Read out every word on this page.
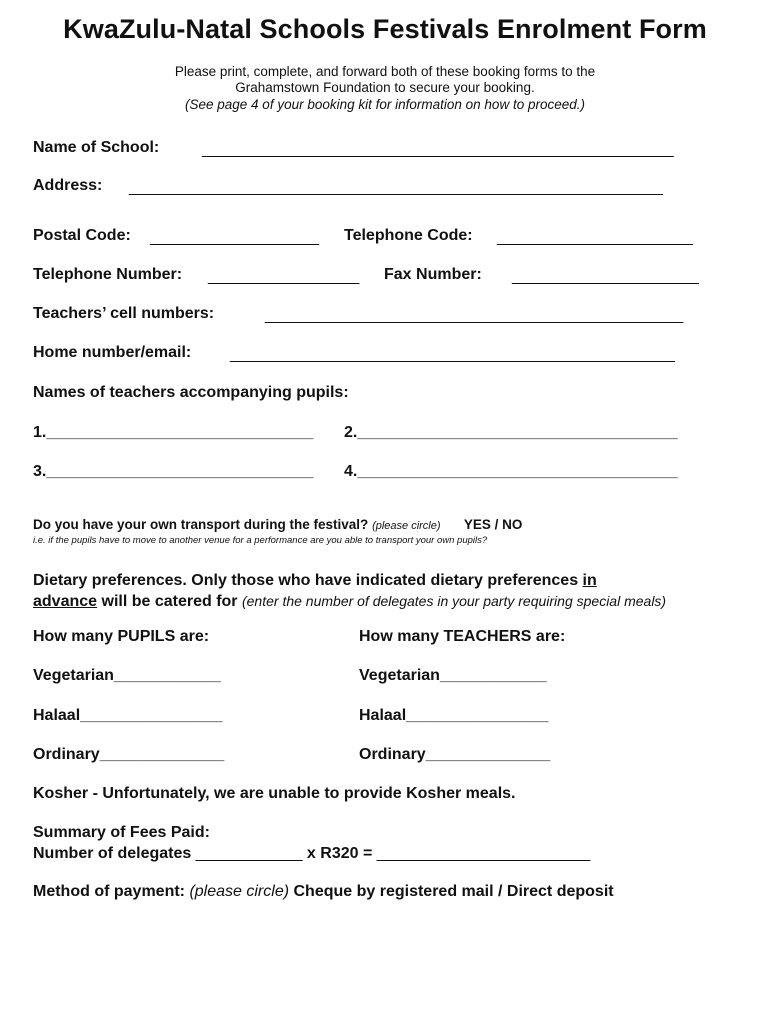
KwaZulu-Natal Schools Festivals Enrolment Form
Please print, complete, and forward both of these booking forms to the
Grahamstown Foundation to secure your booking.
(See page 4 of your booking kit for information on how to proceed.)
Name of School:	_____________________________________________________
Address: ____________________________________________________________
Postal Code: ___________________ Telephone Code: ______________________
Telephone Number: _________________ Fax Number: _____________________
Teachers’ cell numbers:	_______________________________________________
Home number/email: __________________________________________________
Names of teachers accompanying pupils:
1.______________________________ 2.____________________________________
3.______________________________ 4.____________________________________
Do you have your own transport during the festival? (please circle) YES / NO
i.e. if the pupils have to move to another venue for a performance are you able to transport your own pupils?
Dietary preferences. Only those who have indicated dietary preferences in
advance will be catered for (enter the number of delegates in your party requiring special meals)
How many PUPILS are:	How many TEACHERS are:
Vegetarian____________	Vegetarian____________
Halaal________________	Halaal________________
Ordinary______________	Ordinary______________
Kosher - Unfortunately, we are unable to provide Kosher meals.
Summary of Fees Paid:
Number of delegates ____________ x R320 = ________________________
Method of payment: (please circle) Cheque by registered mail / Direct deposit
